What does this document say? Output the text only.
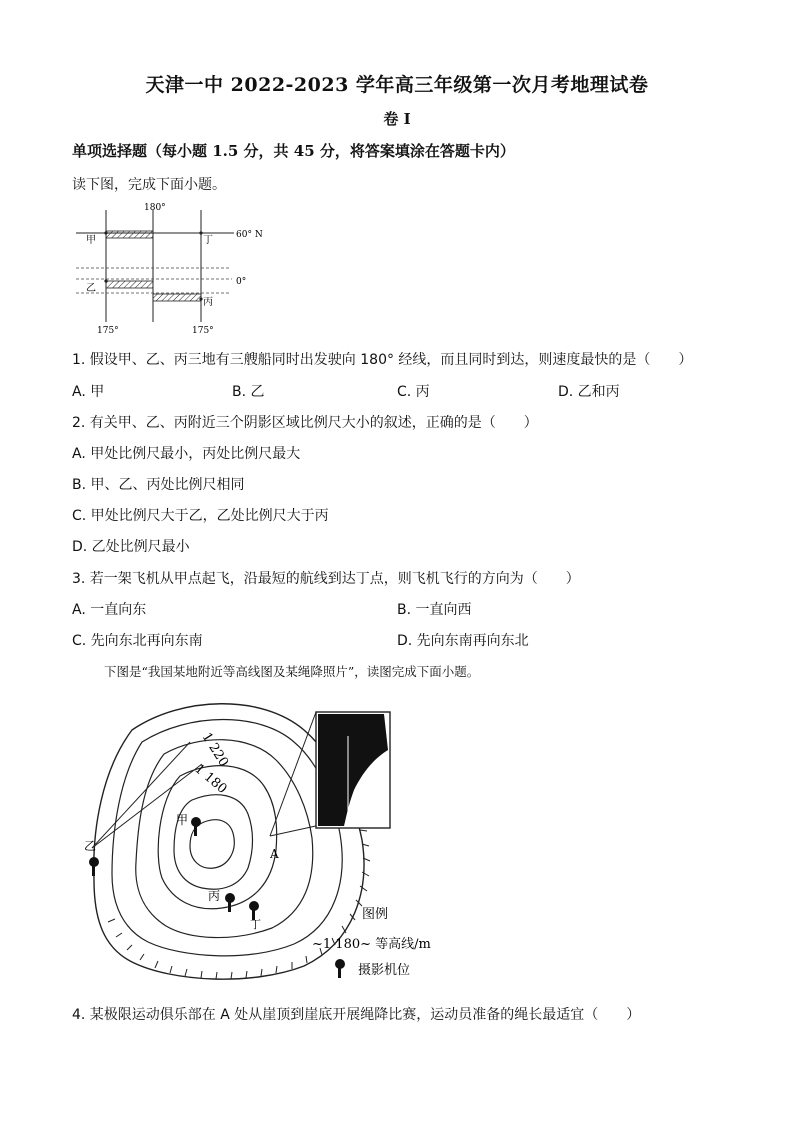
天津一中 2022-2023 学年高三年级第一次月考地理试卷
卷 I
单项选择题（每小题 1.5 分，共 45 分，将答案填涂在答题卡内）
读下图，完成下面小题。
180°
60° N
0°
175°	175°
甲
乙
丁
丙
1. 假设甲、乙、丙三地有三艘船同时出发驶向 180° 经线，而且同时到达，则速度最快的是（　　）
A. 甲	B. 乙	C. 丙	D. 乙和丙
2. 有关甲、乙、丙附近三个阴影区域比例尺大小的叙述，正确的是（　　）
A. 甲处比例尺最小，丙处比例尺最大
B. 甲、乙、丙处比例尺相同
C. 甲处比例尺大于乙，乙处比例尺大于丙
D. 乙处比例尺最小
3. 若一架飞机从甲点起飞，沿最短的航线到达丁点，则飞机飞行的方向为（　　）
A. 一直向东	B. 一直向西
C. 先向东北再向东南	D. 先向东南再向东北
下图是“我国某地附近等高线图及某绳降照片”，读图完成下面小题。
1 220
1 180
甲
乙
丙
丁
A
图例
~1 180~ 等高线/m
摄影机位
4. 某极限运动俱乐部在 A 处从崖顶到崖底开展绳降比赛，运动员准备的绳长最适宜（　　）
